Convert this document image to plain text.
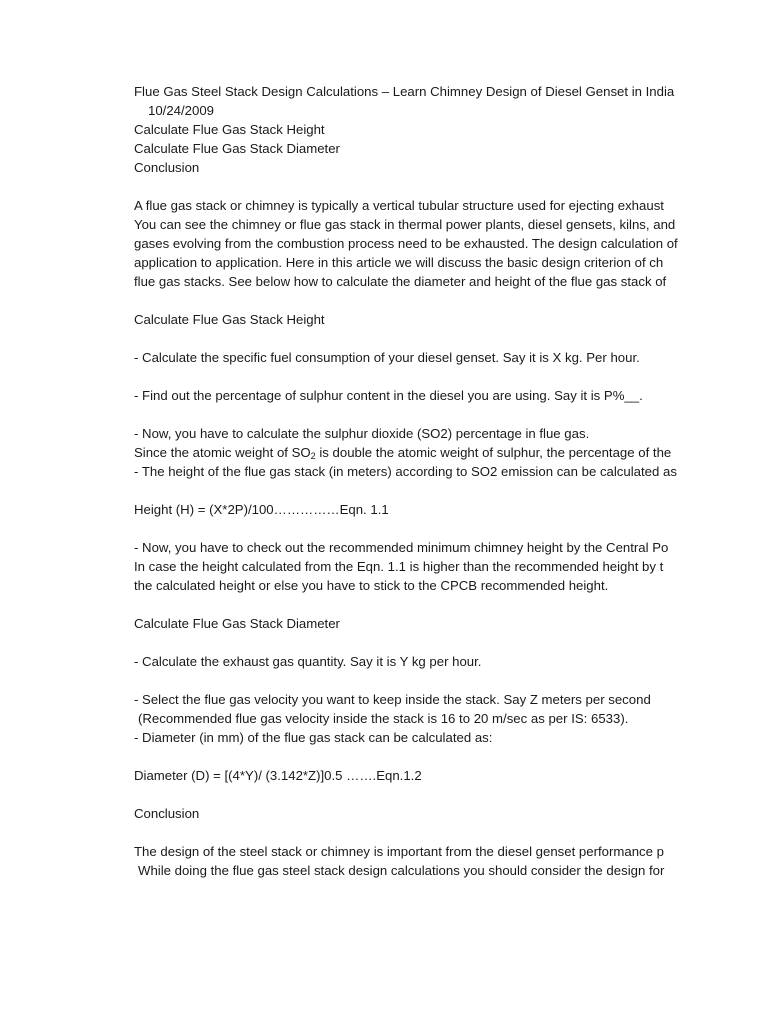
Flue Gas Steel Stack Design Calculations – Learn Chimney Design of Diesel Genset in India
10/24/2009
Calculate Flue Gas Stack Height
Calculate Flue Gas Stack Diameter
Conclusion
A flue gas stack or chimney is typically a vertical tubular structure used for ejecting exhaust
You can see the chimney or flue gas stack in thermal power plants, diesel gensets, kilns, and
gases evolving from the combustion process need to be exhausted. The design calculation of
application to application. Here in this article we will discuss the basic design criterion of ch
flue gas stacks. See below how to calculate the diameter and height of the flue gas stack of
Calculate Flue Gas Stack Height
- Calculate the specific fuel consumption of your diesel genset. Say it is X kg. Per hour.
- Find out the percentage of sulphur content in the diesel you are using. Say it is P%__.
- Now, you have to calculate the sulphur dioxide (SO2) percentage in flue gas.
Since the atomic weight of $SO_2$ is double the atomic weight of sulphur, the percentage of the
- The height of the flue gas stack (in meters) according to SO2 emission can be calculated as
Height (H) = (X*2P)/100……………Eqn. 1.1
- Now, you have to check out the recommended minimum chimney height by the Central Po
In case the height calculated from the Eqn. 1.1 is higher than the recommended height by t
the calculated height or else you have to stick to the CPCB recommended height.
Calculate Flue Gas Stack Diameter
- Calculate the exhaust gas quantity. Say it is Y kg per hour.
- Select the flue gas velocity you want to keep inside the stack. Say Z meters per second
(Recommended flue gas velocity inside the stack is 16 to 20 m/sec as per IS: 6533).
- Diameter (in mm) of the flue gas stack can be calculated as:
Diameter (D) = [(4*Y)/ (3.142*Z)]0.5 …….Eqn.1.2
Conclusion
The design of the steel stack or chimney is important from the diesel genset performance p
While doing the flue gas steel stack design calculations you should consider the design for
